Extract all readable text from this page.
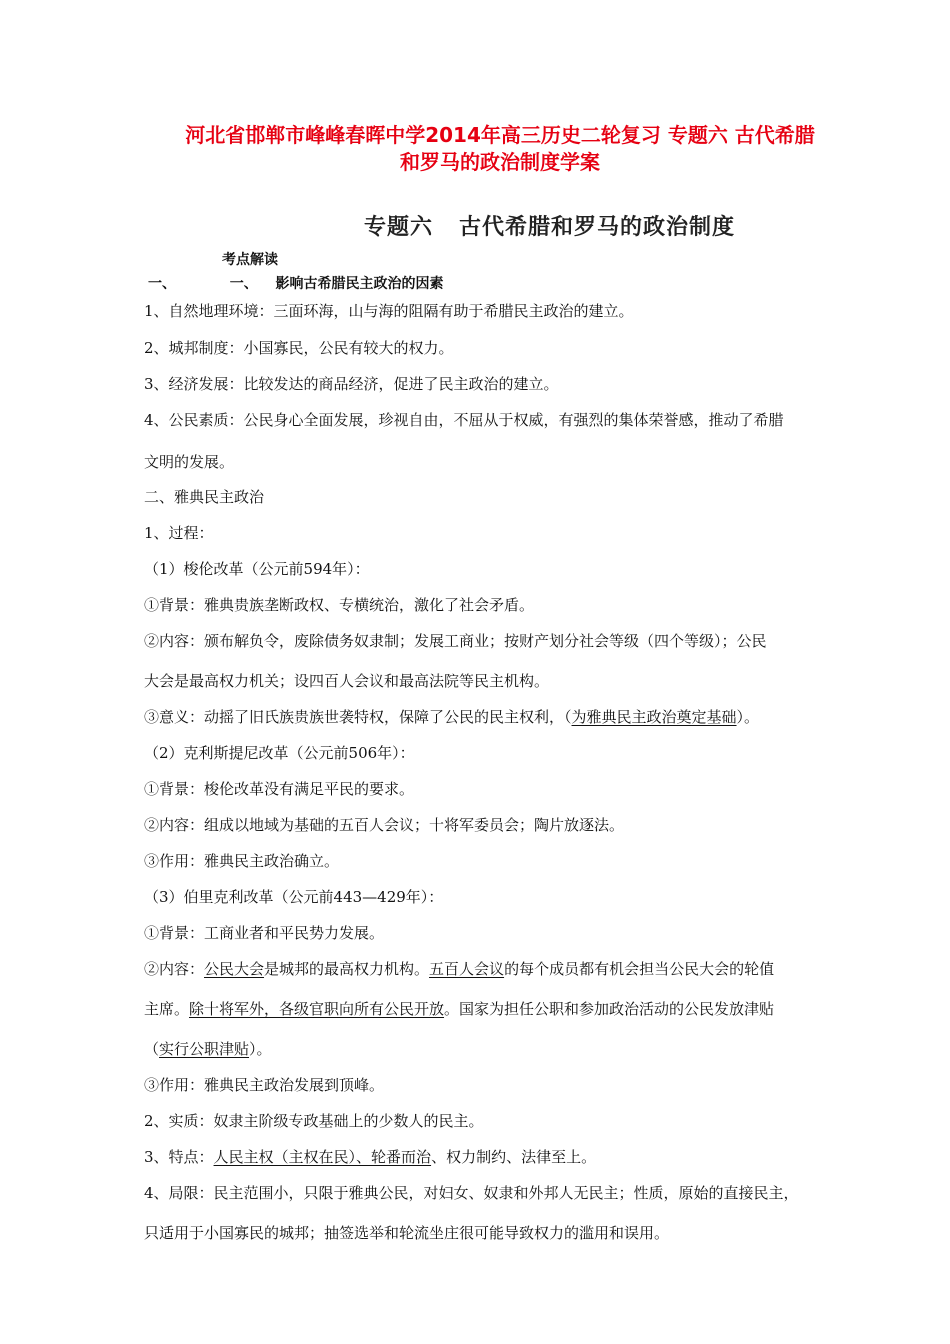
河北省邯郸市峰峰春晖中学2014年高三历史二轮复习 专题六 古代希腊
和罗马的政治制度学案
专题六 古代希腊和罗马的政治制度
考点解读
一、	一、 影响古希腊民主政治的因素
1、自然地理环境：三面环海，山与海的阻隔有助于希腊民主政治的建立。
2、城邦制度：小国寡民，公民有较大的权力。
3、经济发展：比较发达的商品经济，促进了民主政治的建立。
4、公民素质：公民身心全面发展，珍视自由，不屈从于权威，有强烈的集体荣誉感，推动了希腊
文明的发展。
二、雅典民主政治
1、过程：
（1）梭伦改革（公元前594年）：
①背景：雅典贵族垄断政权、专横统治，激化了社会矛盾。
②内容：颁布解负令，废除债务奴隶制；发展工商业；按财产划分社会等级（四个等级）；公民
大会是最高权力机关；设四百人会议和最高法院等民主机构。
③意义：动摇了旧氏族贵族世袭特权，保障了公民的民主权利，（为雅典民主政治奠定基础）。
（2）克利斯提尼改革（公元前506年）：
①背景：梭伦改革没有满足平民的要求。
②内容：组成以地域为基础的五百人会议；十将军委员会；陶片放逐法。
③作用：雅典民主政治确立。
（3）伯里克利改革（公元前443—429年）：
①背景：工商业者和平民势力发展。
②内容：公民大会是城邦的最高权力机构。五百人会议的每个成员都有机会担当公民大会的轮值
主席。除十将军外，各级官职向所有公民开放。国家为担任公职和参加政治活动的公民发放津贴
（实行公职津贴）。
③作用：雅典民主政治发展到顶峰。
2、实质：奴隶主阶级专政基础上的少数人的民主。
3、特点：人民主权（主权在民）、轮番而治、权力制约、法律至上。
4、局限：民主范围小，只限于雅典公民，对妇女、奴隶和外邦人无民主；性质，原始的直接民主，
只适用于小国寡民的城邦；抽签选举和轮流坐庄很可能导致权力的滥用和误用。
